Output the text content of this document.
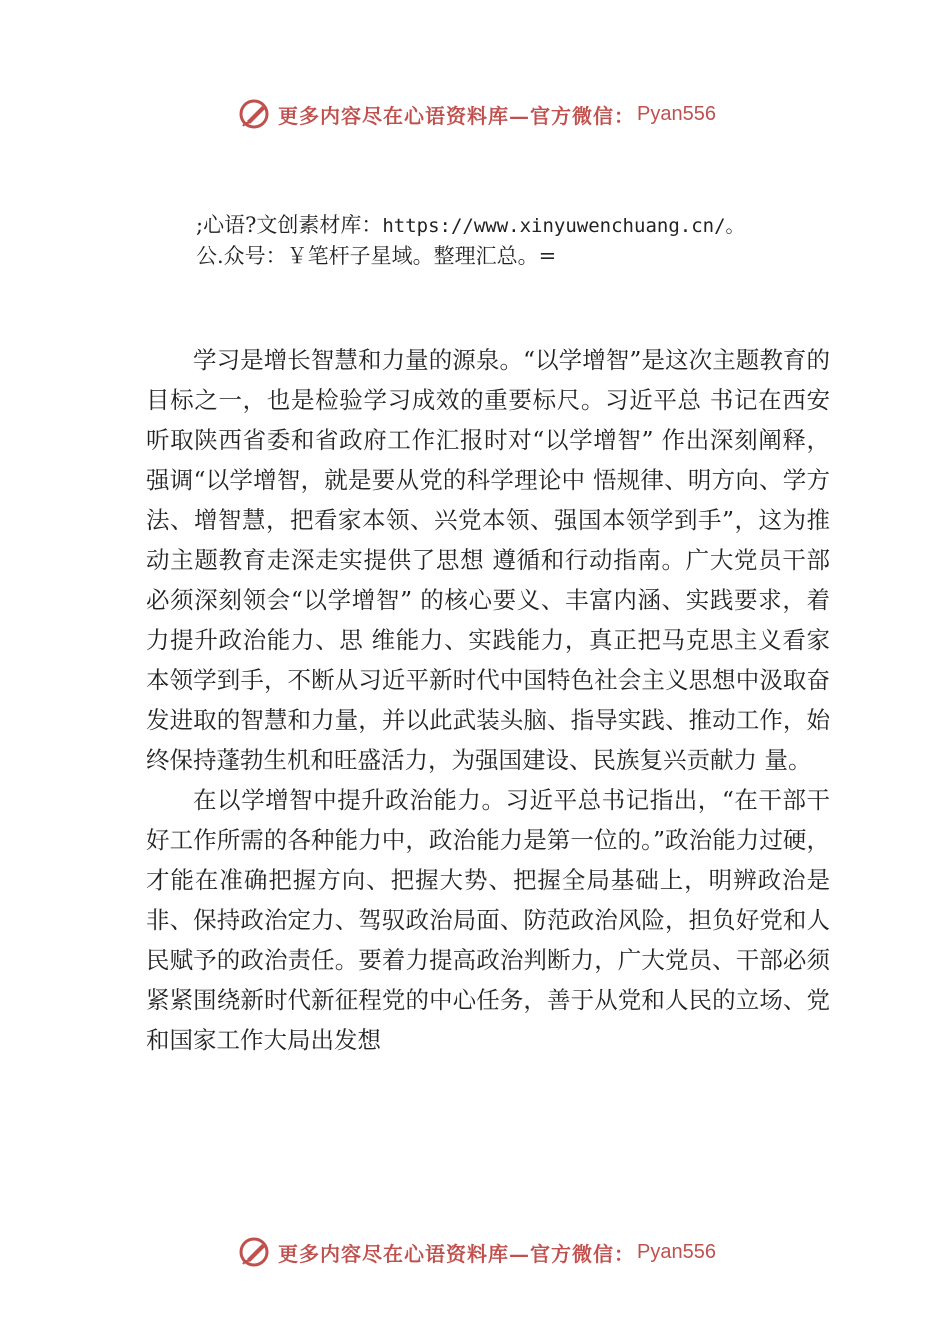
更多内容尽在心语资料库—官方微信： Pyan556
;心语?文创素材库：https://www.xinyuwenchuang.cn/。
公.众号：￥笔杆子星域。整理汇总。=

学习是增长智慧和力量的源泉。“以学增智”是这次主题教育的目标之一，也是检验学习成效的重要标尺。习近平总 书记在西安听取陕西省委和省政府工作汇报时对“以学增智” 作出深刻阐释，强调“以学增智，就是要从党的科学理论中 悟规律、明方向、学方法、增智慧，把看家本领、兴党本领、强国本领学到手”，这为推动主题教育走深走实提供了思想 遵循和行动指南。广大党员干部必须深刻领会“以学增智” 的核心要义、丰富内涵、实践要求，着力提升政治能力、思 维能力、实践能力，真正把马克思主义看家本领学到手，不断从习近平新时代中国特色社会主义思想中汲取奋发进取的智慧和力量，并以此武装头脑、指导实践、推动工作，始 终保持蓬勃生机和旺盛活力，为强国建设、民族复兴贡献力 量。

在以学增智中提升政治能力。习近平总书记指出，“在干部干好工作所需的各种能力中，政治能力是第一位的。”政治能力过硬，才能在准确把握方向、把握大势、把握全局基础上，明辨政治是非、保持政治定力、驾驭政治局面、防范政治风险，担负好党和人民赋予的政治责任。要着力提高政治判断力，广大党员、干部必须紧紧围绕新时代新征程党的中心任务，善于从党和人民的立场、党和国家工作大局出发想

更多内容尽在心语资料库—官方微信： Pyan556
